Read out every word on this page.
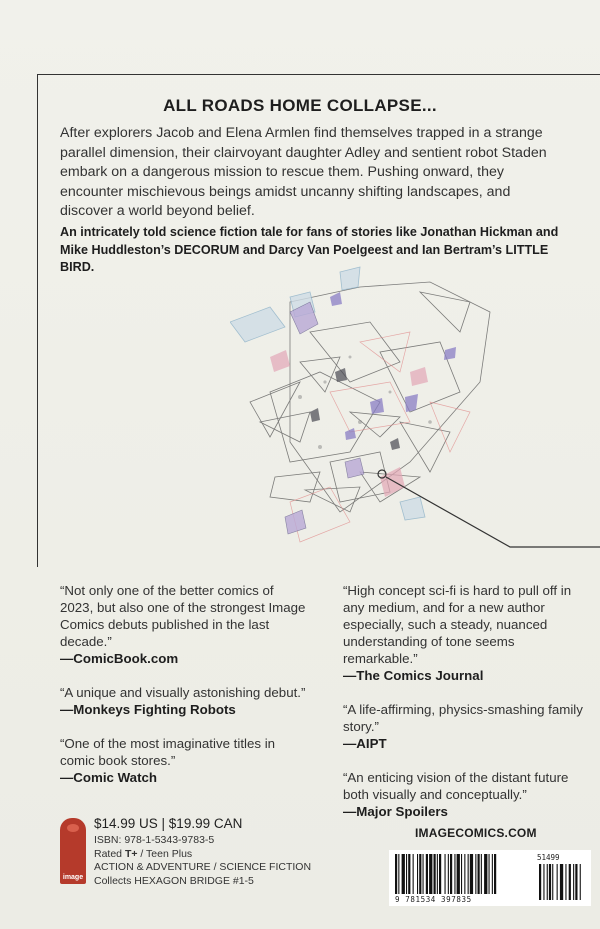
ALL ROADS HOME COLLAPSE...
After explorers Jacob and Elena Armlen find themselves trapped in a strange parallel dimension, their clairvoyant daughter Adley and sentient robot Staden embark on a dangerous mission to rescue them. Pushing onward, they encounter mischievous beings amidst uncanny shifting landscapes, and discover a world beyond belief.
An intricately told science fiction tale for fans of stories like Jonathan Hickman and Mike Huddleston’s DECORUM and Darcy Van Poelgeest and Ian Bertram’s LITTLE BIRD.
“Not only one of the better comics of 2023, but also one of the strongest Image Comics debuts published in the last decade.”
—ComicBook.com
“A unique and visually astonishing debut.”
—Monkeys Fighting Robots
“One of the most imaginative titles in comic book stores.”
—Comic Watch
“High concept sci-fi is hard to pull off in any medium, and for a new author especially, such a steady, nuanced understanding of tone seems remarkable.”
—The Comics Journal
“A life-affirming, physics-smashing family story.”
—AIPT
“An enticing vision of the distant future both visually and conceptually.”
—Major Spoilers
image
$14.99 US | $19.99 CAN
ISBN: 978-1-5343-9783-5
Rated T+ / Teen Plus
ACTION & ADVENTURE / SCIENCE FICTION
Collects HEXAGON BRIDGE #1-5
IMAGECOMICS.COM
51499
9 781534 397835
